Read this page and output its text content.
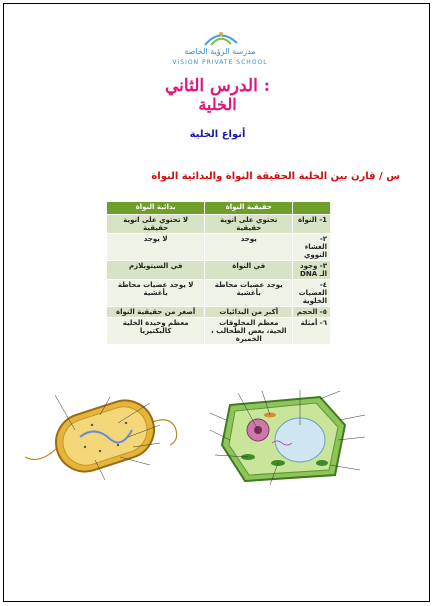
مدرسة الرؤية الخاصة
VISION PRIVATE SCHOOL
الدرس الثاني :
الخلية
أنواع الخلية
س / قارن بين الخلية الحقيقة النواة والبدائية النواة
	حقيقية النواة	بدائية النواة
1- النواة	تحتوي على انوية حقيقية	لا تحتوي على انوية حقيقية
٢- الغشاء النووي	يوجد	لا يوجد
٣- وجود الـ DNA	في النواة	في السيتوبلازم
٤- العضيات الخلوية	يوجد عضيات محاطة بأغشية	لا يوجد عضيات محاطة بأغشية
٥- الحجم	أكبر من البدائيات	أصغر من حقيقية النواة
٦- أمثلة	معظم المخلوقات الحية، بعض الطحالب ، الخميرة	معظم وحيدة الخلية كالبكتيريا
